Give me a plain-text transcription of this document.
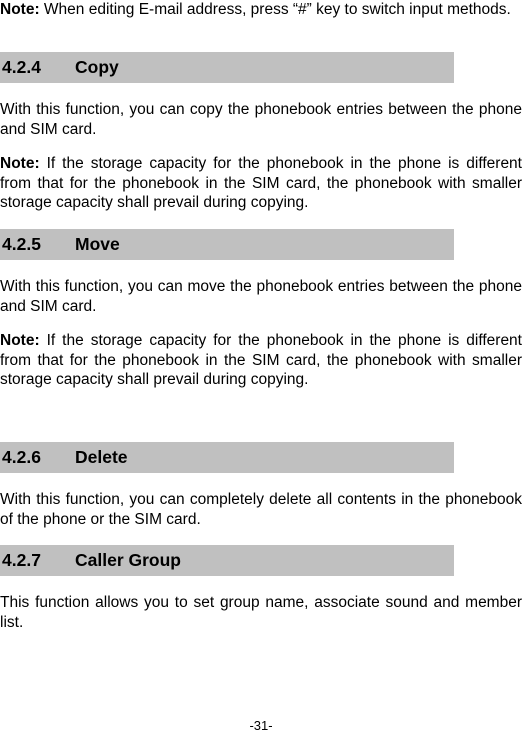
Note: When editing E-mail address, press “#” key to switch input methods.

4.2.4 Copy

With this function, you can copy the phonebook entries between the phone and SIM card.

Note: If the storage capacity for the phonebook in the phone is different from that for the phonebook in the SIM card, the phonebook with smaller storage capacity shall prevail during copying.

4.2.5 Move

With this function, you can move the phonebook entries between the phone and SIM card.

Note: If the storage capacity for the phonebook in the phone is different from that for the phonebook in the SIM card, the phonebook with smaller storage capacity shall prevail during copying.

4.2.6 Delete

With this function, you can completely delete all contents in the phonebook of the phone or the SIM card.

4.2.7 Caller Group

This function allows you to set group name, associate sound and member list.

-31-
